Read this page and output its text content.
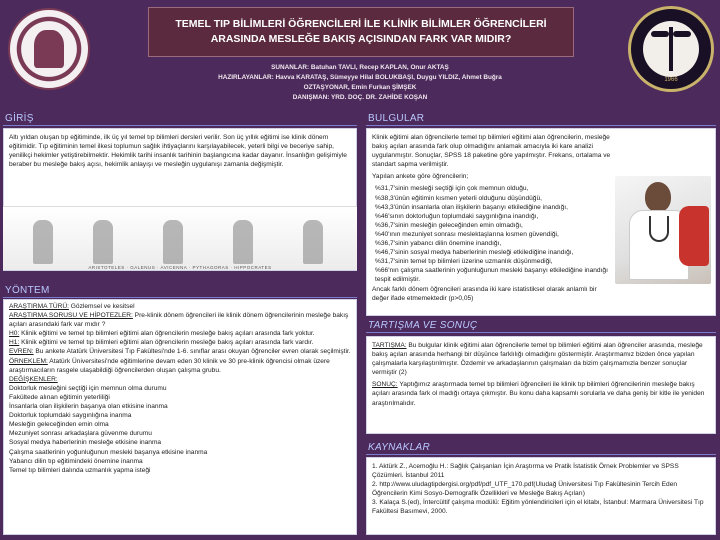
TEMEL TIP BİLİMLERİ ÖĞRENCİLERİ İLE KLİNİK BİLİMLER ÖĞRENCİLERİ
ARASINDA MESLEĞE BAKIŞ AÇISINDAN FARK VAR MIDIR?
1966
SUNANLAR: Batuhan TAVLI, Recep KAPLAN, Onur AKTAŞ
HAZIRLAYANLAR: Havva KARATAŞ, Sümeyye Hilal BOLUKBAŞI, Duygu YILDIZ, Ahmet Buğra
OZTAŞYONAR, Emin Furkan ŞİMŞEK
DANIŞMAN: YRD. DOÇ. DR. ZAHİDE KOŞAN
GİRİŞ

Altı yıldan oluşan tıp eğitiminde, ilk üç yıl temel tıp bilimleri dersleri verilir. Son üç yıllık eğitimi ise klinik dönem eğitimidir. Tıp eğitiminin temel ilkesi toplumun sağlık ihtiyaçlarını karşılayabilecek, yeterli bilgi ve beceriye sahip, yenilikçi hekimler yetiştirebilmektir. Hekimlik tarihi insanlık tarihinin başlangıcına kadar dayanır. İnsanlığın gelişimiyle beraber bu mesleğe bakış açısı, hekimlik anlayışı ve mesleğin uygulanışı zamanla değişmiştir.

ARISTOTELES · GALENUS · AVICENNA · PYTHAGORAS · HIPPOCRATES
YÖNTEM
ARAŞTIRMA TÜRÜ: Gözlemsel ve kesitsel
ARAŞTIRMA SORUSU VE HİPOTEZLER: Pre-klinik dönem öğrencileri ile klinik dönem öğrencilerinin mesleğe bakış açıları arasındaki fark var mıdır ?
H0: Klinik eğitimi ve temel tıp bilimleri eğitimi alan öğrencilerin mesleğe bakış açıları arasında fark yoktur.
H1: Klinik eğitimi ve temel tıp bilimleri eğitimi alan öğrencilerin mesleğe bakış açıları arasında fark vardır.
EVREN: Bu ankete Atatürk Üniversitesi Tıp Fakültesi'nde 1-6. sınıflar arası okuyan öğrenciler evren olarak seçilmiştir.
ÖRNEKLEM: Atatürk Üniversitesi'nde eğitimlerine devam eden 30 klinik ve 30 pre-klinik öğrencisi olmak üzere araştırmacıların rasgele ulaşabildiği öğrencilerden oluşan çalışma grubu.
DEĞİŞKENLER:
Doktorluk mesleğini seçtiği için memnun olma durumu
Fakültede alınan eğitimin yeterliliği
İnsanlarla olan ilişkilerin başarıya olan etkisine inanma
Doktorluk toplumdaki saygınlığına inanma
Mesleğin geleceğinden emin olma
Mezuniyet sonrası arkadaşlara güvenme durumu
Sosyal medya haberlerinin mesleğe etkisine inanma
Çalışma saatlerinin yoğunluğunun mesleki başarıya etkisine inanma
Yabancı dilin tıp eğitimindeki önemine inanma
Temel tıp bilimleri dalında uzmanlık yapma isteği
BULGULAR

Klinik eğitimi alan öğrencilerle temel tıp bilimleri eğitimi alan öğrencilerin, mesleğe bakış açıları arasında fark olup olmadığını anlamak amacıyla iki kare analizi uygulanmıştır. Sonuçlar, SPSS 18 paketine göre yapılmıştır. Frekans, ortalama ve standart sapma verilmiştir.

Yapılan ankete göre öğrencilerin;

%31,7'sinin mesleği seçtiği için çok memnun olduğu,
%38,3'ünün eğitimin kısmen yeterli olduğunu düşündüğü,
%43,3'ünün insanlarla olan ilişkilerin başarıyı etkilediğine inandığı,
%46'sının doktorluğun toplumdaki saygınlığına inandığı,
%36,7'sinin mesleğin geleceğinden emin olmadığı,
%40'ının mezuniyet sonrası meslektaşlarına kısmen güvendiği,
%36,7'sinin yabancı dilin önemine inandığı,
%46,7'sinin sosyal medya haberlerinin mesleği etkilediğine inandığı,
%31,7'sinin temel tıp bilimleri üzerine uzmanlık düşünmediği,
%66'nın çalışma saatlerinin yoğunluğunun mesleki başarıyı etkilediğine inandığı tespit edilmiştir.
Ancak farklı dönem öğrencileri arasında iki kare istatistiksel olarak anlamlı bir değer ifade etmemektedir (p>0,05)
TARTIŞMA VE SONUÇ

TARTIŞMA: Bu bulgular klinik eğitimi alan öğrencilerle temel tıp bilimleri eğitimi alan öğrenciler arasında, mesleğe bakış açıları arasında herhangi bir düşünce farklılığı olmadığını göstermiştir. Araştırmamız bizden önce yapılan çalışmalarla karşılaştırılmıştır. Özdemir ve arkadaşlarının çalışmaları da bizim çalışmamızla benzer sonuçlar vermiştir (2)

SONUÇ: Yaptığımız araştırmada temel tıp bilimleri öğrencileri ile klinik tıp bilimleri öğrencilerinin mesleğe bakış açıları arasında fark ol madığı ortaya çıkmıştır. Bu konu daha kapsamlı sorularla ve daha geniş bir kitle ile yeniden araştırılmalıdır.

KAYNAKLAR
1. Aktürk Z., Acemoğlu H.: Sağlık Çalışanları İçin Araştırma ve Pratik İstatistik Örnek Problemler ve SPSS Çözümleri. İstanbul 2011
2. http://www.uludagtipdergisi.org/pdf/pdf_UTF_170.pdf(Uludağ Üniversitesi Tıp Fakültesinin Tercih Eden Öğrencilerin Kimi Sosyo-Demografik Özellikleri ve Mesleğe Bakış Açıları)
3. Kalaça S.(ed), İntercültif çalışma modülü: Eğitim yönlendiricileri için el kitabı, İstanbul: Marmara Üniversitesi Tıp Fakültesi Basımevi, 2000.
